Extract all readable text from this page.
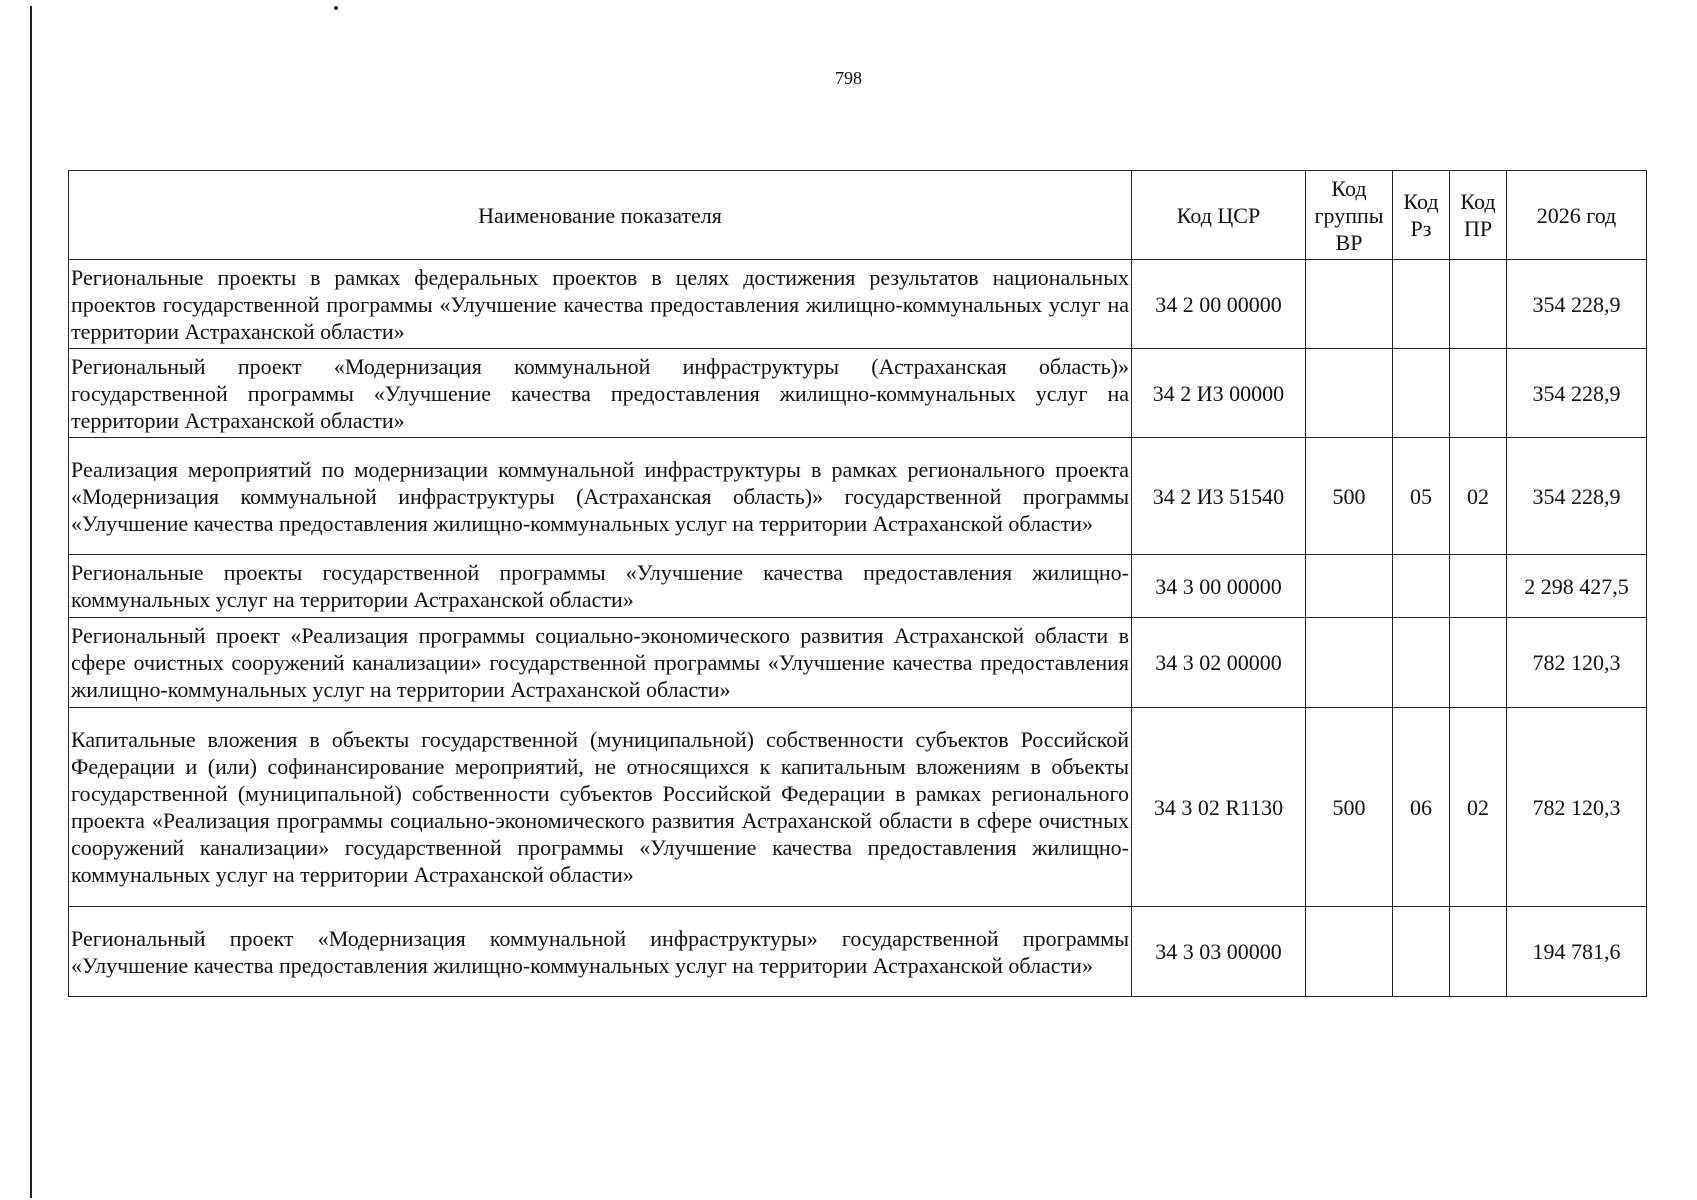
798
Наименование показателя	Код ЦСР	Код группы ВР	Код Рз	Код ПР	2026 год
Региональные проекты в рамках федеральных проектов в целях достижения результатов национальных проектов государственной программы «Улучшение качества предоставления жилищно-коммунальных услуг на территории Астраханской области»	34 2 00 00000				354 228,9
Региональный проект «Модернизация коммунальной инфраструктуры (Астраханская область)» государственной программы «Улучшение качества предоставления жилищно-коммунальных услуг на территории Астраханской области»	34 2 И3 00000				354 228,9
Реализация мероприятий по модернизации коммунальной инфраструктуры в рамках регионального проекта «Модернизация коммунальной инфраструктуры (Астраханская область)» государственной программы «Улучшение качества предоставления жилищно-коммунальных услуг на территории Астраханской области»	34 2 И3 51540	500	05	02	354 228,9
Региональные проекты государственной программы «Улучшение качества предоставления жилищно-коммунальных услуг на территории Астраханской области»	34 3 00 00000				2 298 427,5
Региональный проект «Реализация программы социально-экономического развития Астраханской области в сфере очистных сооружений канализации» государственной программы «Улучшение качества предоставления жилищно-коммунальных услуг на территории Астраханской области»	34 3 02 00000				782 120,3
Капитальные вложения в объекты государственной (муниципальной) собственности субъектов Российской Федерации и (или) софинансирование мероприятий, не относящихся к капитальным вложениям в объекты государственной (муниципальной) собственности субъектов Российской Федерации в рамках регионального проекта «Реализация программы социально-экономического развития Астраханской области в сфере очистных сооружений канализации» государственной программы «Улучшение качества предоставления жилищно-коммунальных услуг на территории Астраханской области»	34 3 02 R1130	500	06	02	782 120,3
Региональный проект «Модернизация коммунальной инфраструктуры» государственной программы «Улучшение качества предоставления жилищно-коммунальных услуг на территории Астраханской области»	34 3 03 00000				194 781,6
